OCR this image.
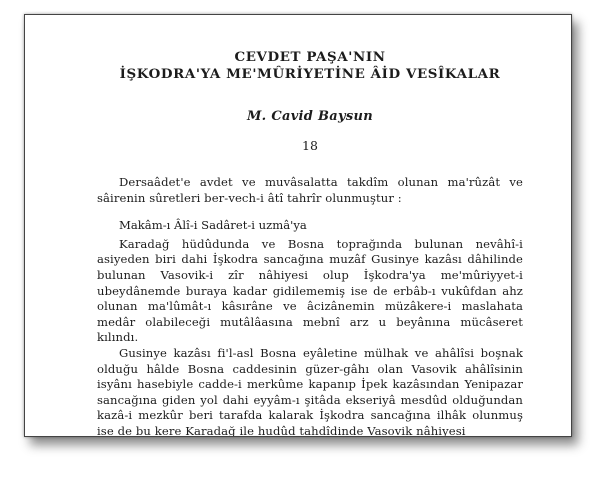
CEVDET PAŞA'NIN
İŞKODRA'YA ME'MÛRİYETİNE ÂİD VESÎKALAR

M. Cavid Baysun

18

Dersaâdet'e avdet ve muvâsalatta takdîm olunan ma'rûzât ve sâirenin sûretleri ber-vech-i âtî tahrîr olunmuştur :

Makâm-ı Âlî-i Sadâret-i uzmâ'ya

Karadağ hüdûdunda ve Bosna toprağında bulunan nevâhî-i asiyeden biri dahi İşkodra sancağına muzâf Gusinye kazâsı dâhilinde bulunan Vasovik-i zîr nâhiyesi olup İşkodra'ya me'mûriyyet-i ubeydânemde buraya kadar gidilememiş ise de erbâb-ı vukûfdan ahz olunan ma'lûmât-ı kâsırâne ve âcizânemin müzâkere-i maslahata medâr olabileceği mutâlâasına mebnî arz u beyânına mücâseret kılındı.

Gusinye kazâsı fi'l-asl Bosna eyâletine mülhak ve ahâlîsi boşnak olduğu hâlde Bosna caddesinin güzer-gâhı olan Vasovik ahâlîsinin isyânı hasebiyle cadde-i merkûme kapanıp İpek kazâsından Yenipazar sancağına giden yol dahi eyyâm-ı şitâda ekseriyâ mesdûd olduğundan kazâ-i mezkûr beri tarafda kalarak İşkodra sancağına ilhâk olunmuş ise de bu kere Karadağ ile hudûd tahdîdinde Vasovik nâhiyesi
